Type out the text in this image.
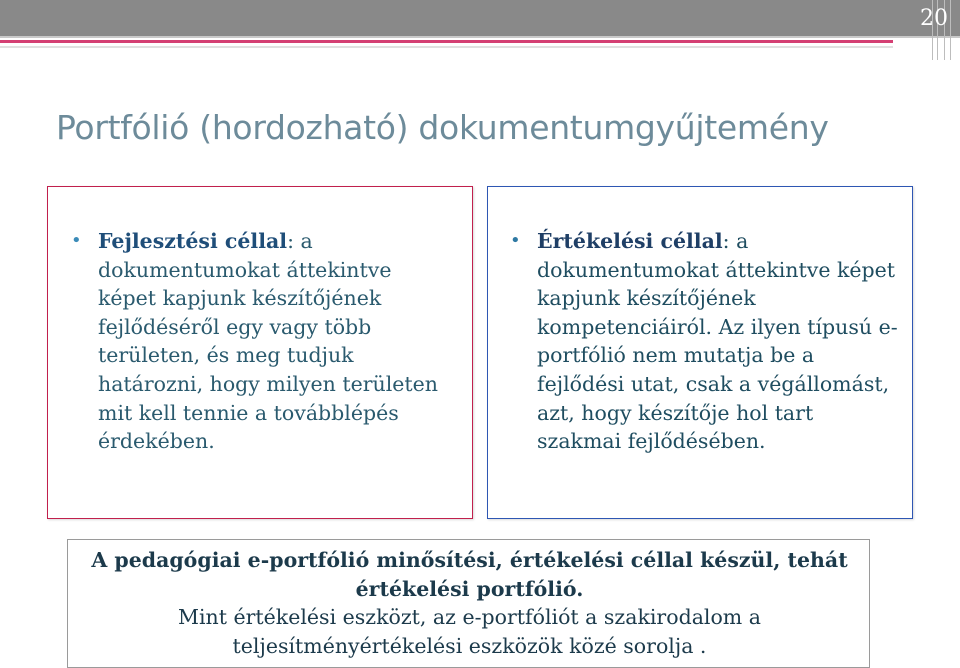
20
Portfólió (hordozható) dokumentumgyűjtemény
• Fejlesztési céllal: a dokumentumokat áttekintve képet kapjunk készítőjének fejlődéséről egy vagy több területen, és meg tudjuk határozni, hogy milyen területen mit kell tennie a továbblépés érdekében.
• Értékelési céllal: a dokumentumokat áttekintve képet kapjunk készítőjének kompetenciáiról. Az ilyen típusú e-portfólió nem mutatja be a fejlődési utat, csak a végállomást, azt, hogy készítője hol tart szakmai fejlődésében.
A pedagógiai e-portfólió minősítési, értékelési céllal készül, tehát értékelési portfólió.
Mint értékelési eszközt, az e-portfóliót a szakirodalom a teljesítményértékelési eszközök közé sorolja .
